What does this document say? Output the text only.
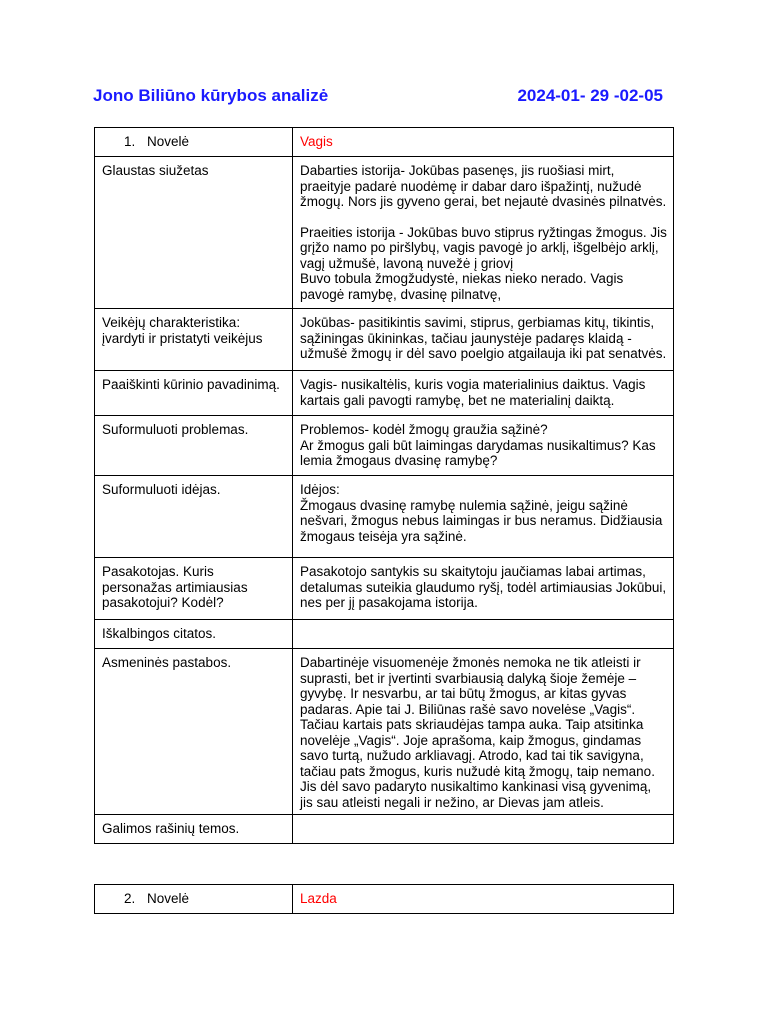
Jono Biliūno kūrybos analizė	2024-01- 29 -02-05
1. Novelė	Vagis
Glaustas siužetas	Dabarties istorija- Jokūbas pasenęs, jis ruošiasi mirt, praeityje padarė nuodėmę ir dabar daro išpažintį, nužudė žmogų. Nors jis gyveno gerai, bet nejautė dvasinės pilnatvės.
Praeities istorija - Jokūbas buvo stiprus ryžtingas žmogus. Jis grįžo namo po piršlybų, vagis pavogė jo arklį, išgelbėjo arklį, vagį užmušė, lavoną nuvežė į griovį
Buvo tobula žmogžudystė, niekas nieko nerado. Vagis pavogė ramybę, dvasinę pilnatvę,

Veikėjų charakteristika: įvardyti ir pristatyti veikėjus	Jokūbas- pasitikintis savimi, stiprus, gerbiamas kitų, tikintis, sąžiningas ūkininkas, tačiau jaunystėje padaręs klaidą - užmušė žmogų ir dėl savo poelgio atgailauja iki pat senatvės.
Paaiškinti kūrinio pavadinimą.	Vagis- nusikaltėlis, kuris vogia materialinius daiktus. Vagis kartais gali pavogti ramybę, bet ne materialinį daiktą.
Suformuluoti problemas.	Problemos- kodėl žmogų graužia sąžinė?
Ar žmogus gali būt laimingas darydamas nusikaltimus? Kas lemia žmogaus dvasinę ramybę?

Suformuluoti idėjas.	Idėjos:
Žmogaus dvasinę ramybę nulemia sąžinė, jeigu sąžinė nešvari, žmogus nebus laimingas ir bus neramus. Didžiausia žmogaus teisėja yra sąžinė.

Pasakotojas. Kuris personažas artimiausias pasakotojui? Kodėl?	Pasakotojo santykis su skaitytoju jaučiamas labai artimas, detalumas suteikia glaudumo ryšį, todėl artimiausias Jokūbui, nes per jį pasakojama istorija.
Iškalbingos citatos.	
Asmeninės pastabos.	Dabartinėje visuomenėje žmonės nemoka ne tik atleisti ir suprasti, bet ir įvertinti svarbiausią dalyką šioje žemėje – gyvybę. Ir nesvarbu, ar tai būtų žmogus, ar kitas gyvas padaras. Apie tai J. Biliūnas rašė savo novelėse „Vagis“. Tačiau kartais pats skriaudėjas tampa auka. Taip atsitinka novelėje „Vagis“. Joje aprašoma, kaip žmogus, gindamas savo turtą, nužudo arkliavagį. Atrodo, kad tai tik savigyna, tačiau pats žmogus, kuris nužudė kitą žmogų, taip nemano. Jis dėl savo padaryto nusikaltimo kankinasi visą gyvenimą, jis sau atleisti negali ir nežino, ar Dievas jam atleis.
Galimos rašinių temos.	
2. Novelė	Lazda
